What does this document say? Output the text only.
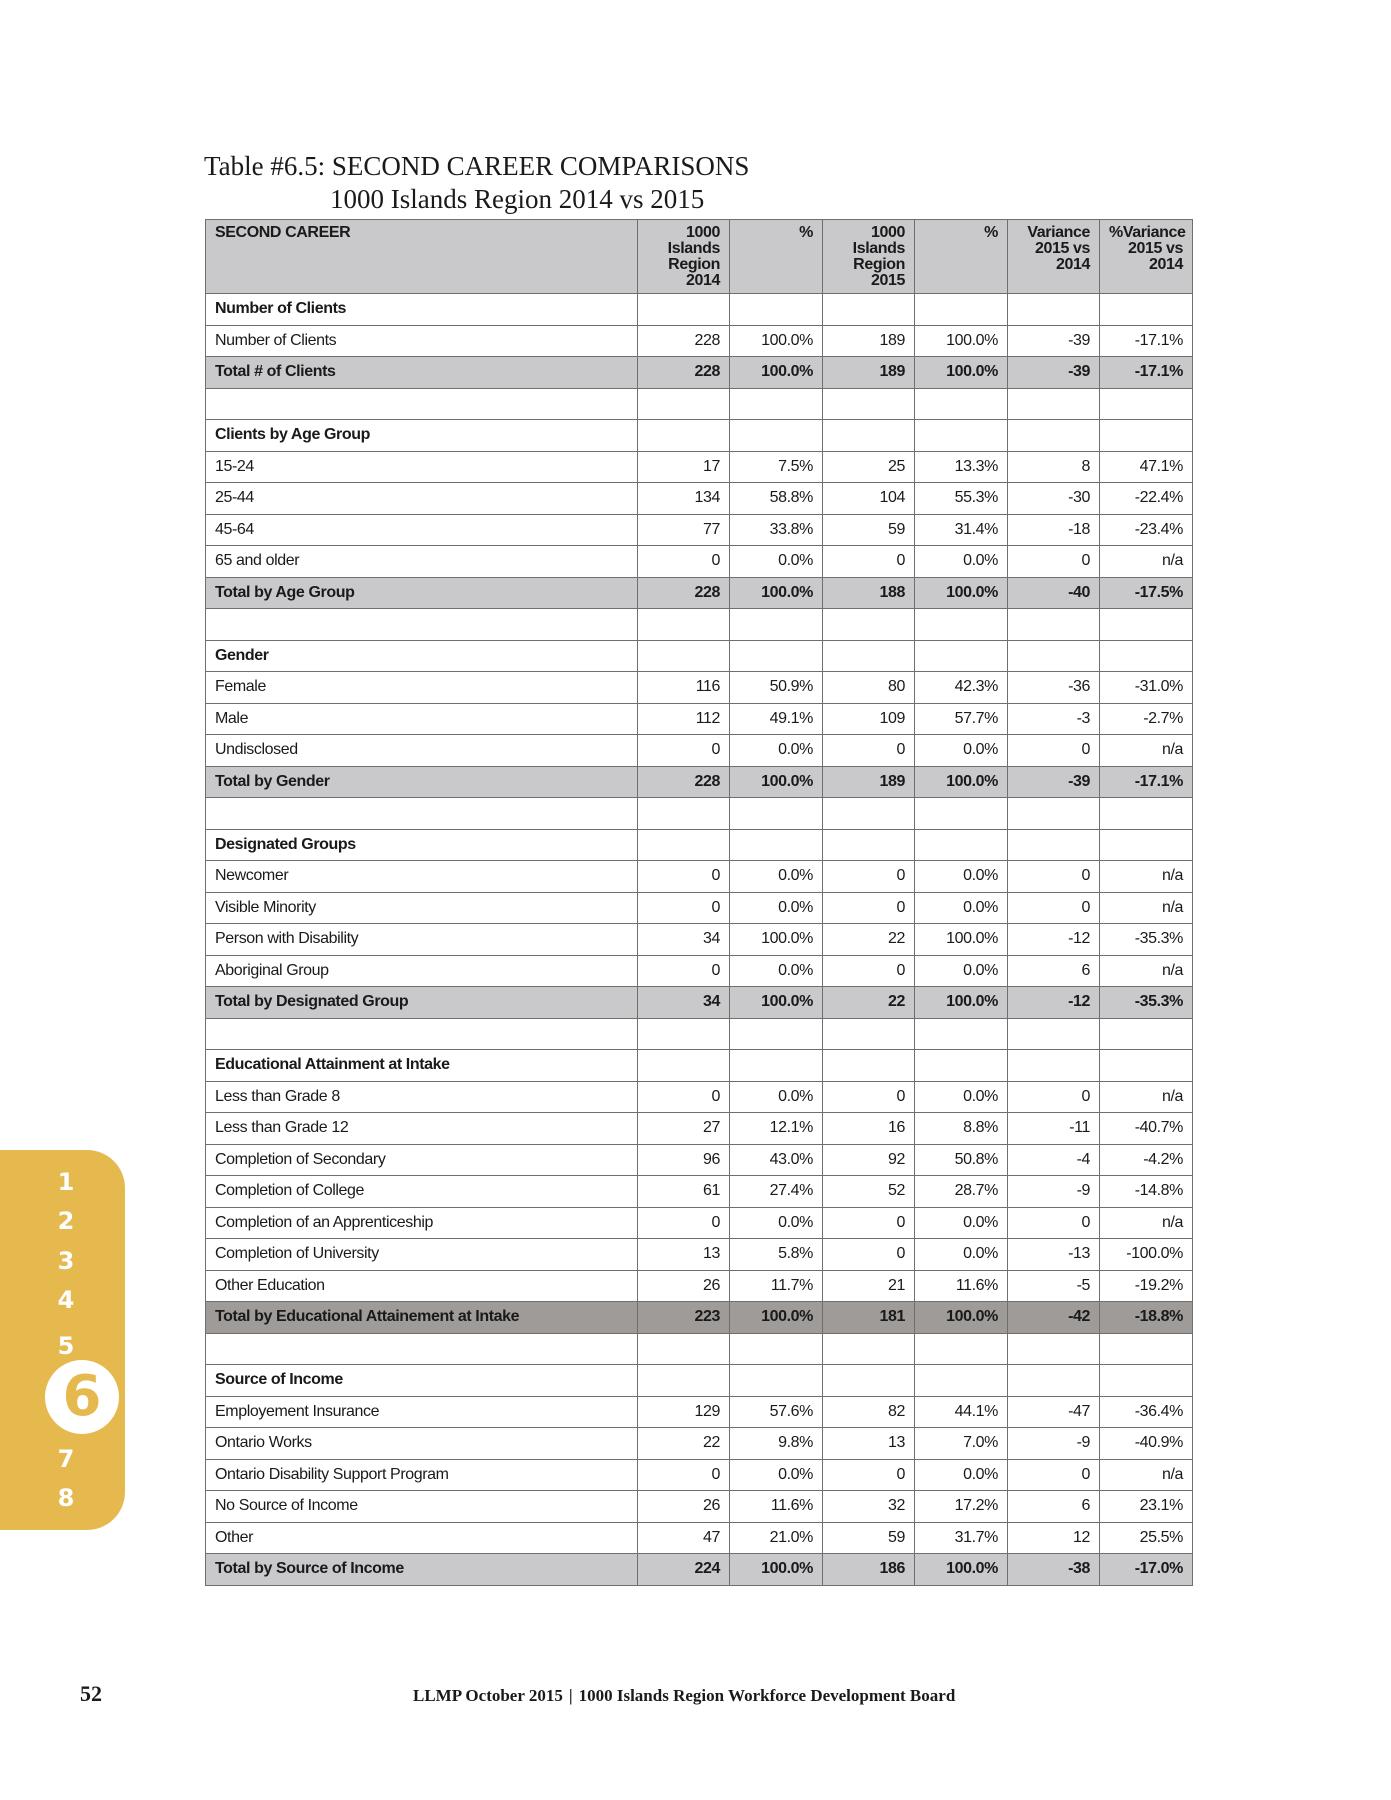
Table #6.5: SECOND CAREER COMPARISONS
1000 Islands Region 2014 vs 2015
SECOND CAREER	1000 Islands Region 2014	%	1000 Islands Region 2015	%	Variance 2015 vs 2014	%Variance 2015 vs 2014
Number of Clients						
Number of Clients	228	100.0%	189	100.0%	-39	-17.1%
Total # of Clients	228	100.0%	189	100.0%	-39	-17.1%

Clients by Age Group						
15-24	17	7.5%	25	13.3%	8	47.1%
25-44	134	58.8%	104	55.3%	-30	-22.4%
45-64	77	33.8%	59	31.4%	-18	-23.4%
65 and older	0	0.0%	0	0.0%	0	n/a
Total by Age Group	228	100.0%	188	100.0%	-40	-17.5%

Gender						
Female	116	50.9%	80	42.3%	-36	-31.0%
Male	112	49.1%	109	57.7%	-3	-2.7%
Undisclosed	0	0.0%	0	0.0%	0	n/a
Total by Gender	228	100.0%	189	100.0%	-39	-17.1%

Designated Groups						
Newcomer	0	0.0%	0	0.0%	0	n/a
Visible Minority	0	0.0%	0	0.0%	0	n/a
Person with Disability	34	100.0%	22	100.0%	-12	-35.3%
Aboriginal Group	0	0.0%	0	0.0%	6	n/a
Total by Designated Group	34	100.0%	22	100.0%	-12	-35.3%

Educational Attainment at Intake						
Less than Grade 8	0	0.0%	0	0.0%	0	n/a
Less than Grade 12	27	12.1%	16	8.8%	-11	-40.7%
Completion of Secondary	96	43.0%	92	50.8%	-4	-4.2%
Completion of College	61	27.4%	52	28.7%	-9	-14.8%
Completion of an Apprenticeship	0	0.0%	0	0.0%	0	n/a
Completion of University	13	5.8%	0	0.0%	-13	-100.0%
Other Education	26	11.7%	21	11.6%	-5	-19.2%
Total by Educational Attainement at Intake	223	100.0%	181	100.0%	-42	-18.8%

Source of Income						
Employement Insurance	129	57.6%	82	44.1%	-47	-36.4%
Ontario Works	22	9.8%	13	7.0%	-9	-40.9%
Ontario Disability Support Program	0	0.0%	0	0.0%	0	n/a
No Source of Income	26	11.6%	32	17.2%	6	23.1%
Other	47	21.0%	59	31.7%	12	25.5%
Total by Source of Income	224	100.0%	186	100.0%	-38	-17.0%
1
2
3
4
5
6
7
8
52	LLMP October 2015 | 1000 Islands Region Workforce Development Board
